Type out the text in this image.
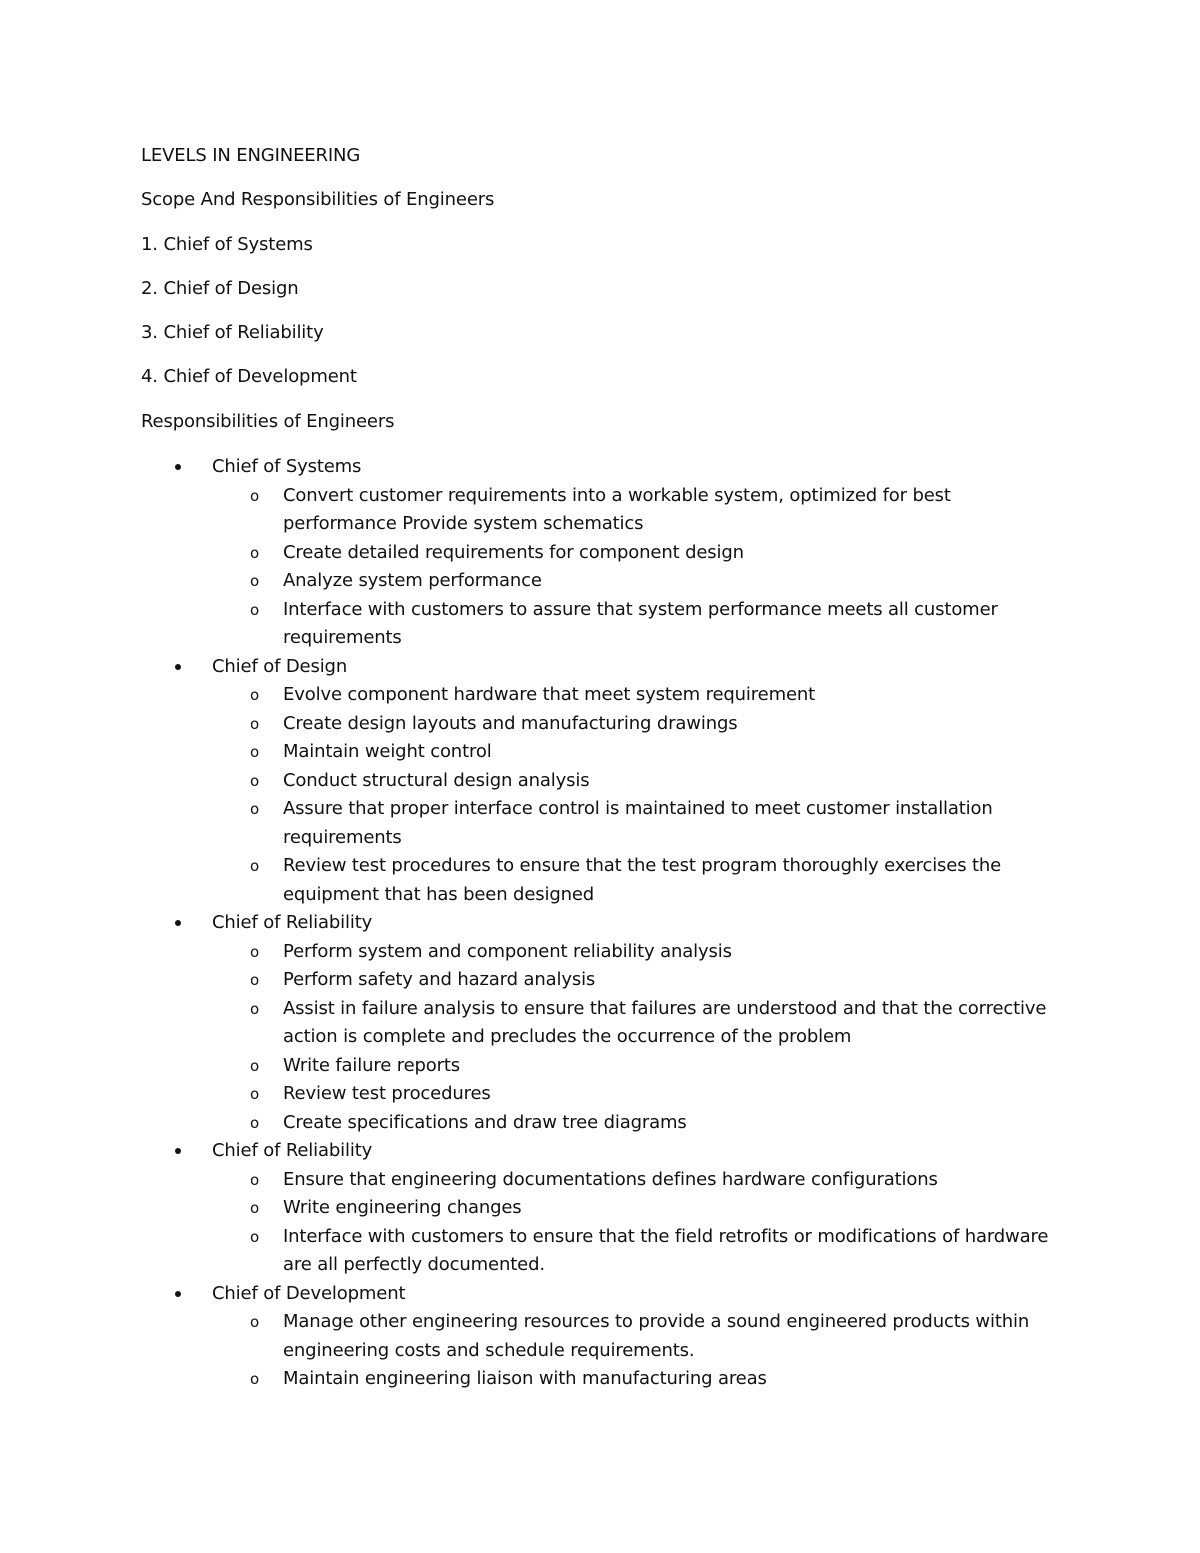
LEVELS IN ENGINEERING

Scope And Responsibilities of Engineers

1. Chief of Systems

2. Chief of Design

3. Chief of Reliability

4. Chief of Development

Responsibilities of Engineers

Chief of Systems
o Convert customer requirements into a workable system, optimized for best performance Provide system schematics
o Create detailed requirements for component design
o Analyze system performance
o Interface with customers to assure that system performance meets all customer requirements
Chief of Design
o Evolve component hardware that meet system requirement
o Create design layouts and manufacturing drawings
o Maintain weight control
o Conduct structural design analysis
o Assure that proper interface control is maintained to meet customer installation requirements
o Review test procedures to ensure that the test program thoroughly exercises the equipment that has been designed
Chief of Reliability
o Perform system and component reliability analysis
o Perform safety and hazard analysis
o Assist in failure analysis to ensure that failures are understood and that the corrective action is complete and precludes the occurrence of the problem
o Write failure reports
o Review test procedures
o Create specifications and draw tree diagrams
Chief of Reliability
o Ensure that engineering documentations defines hardware configurations
o Write engineering changes
o Interface with customers to ensure that the field retrofits or modifications of hardware are all perfectly documented.
Chief of Development
o Manage other engineering resources to provide a sound engineered products within engineering costs and schedule requirements.
o Maintain engineering liaison with manufacturing areas
